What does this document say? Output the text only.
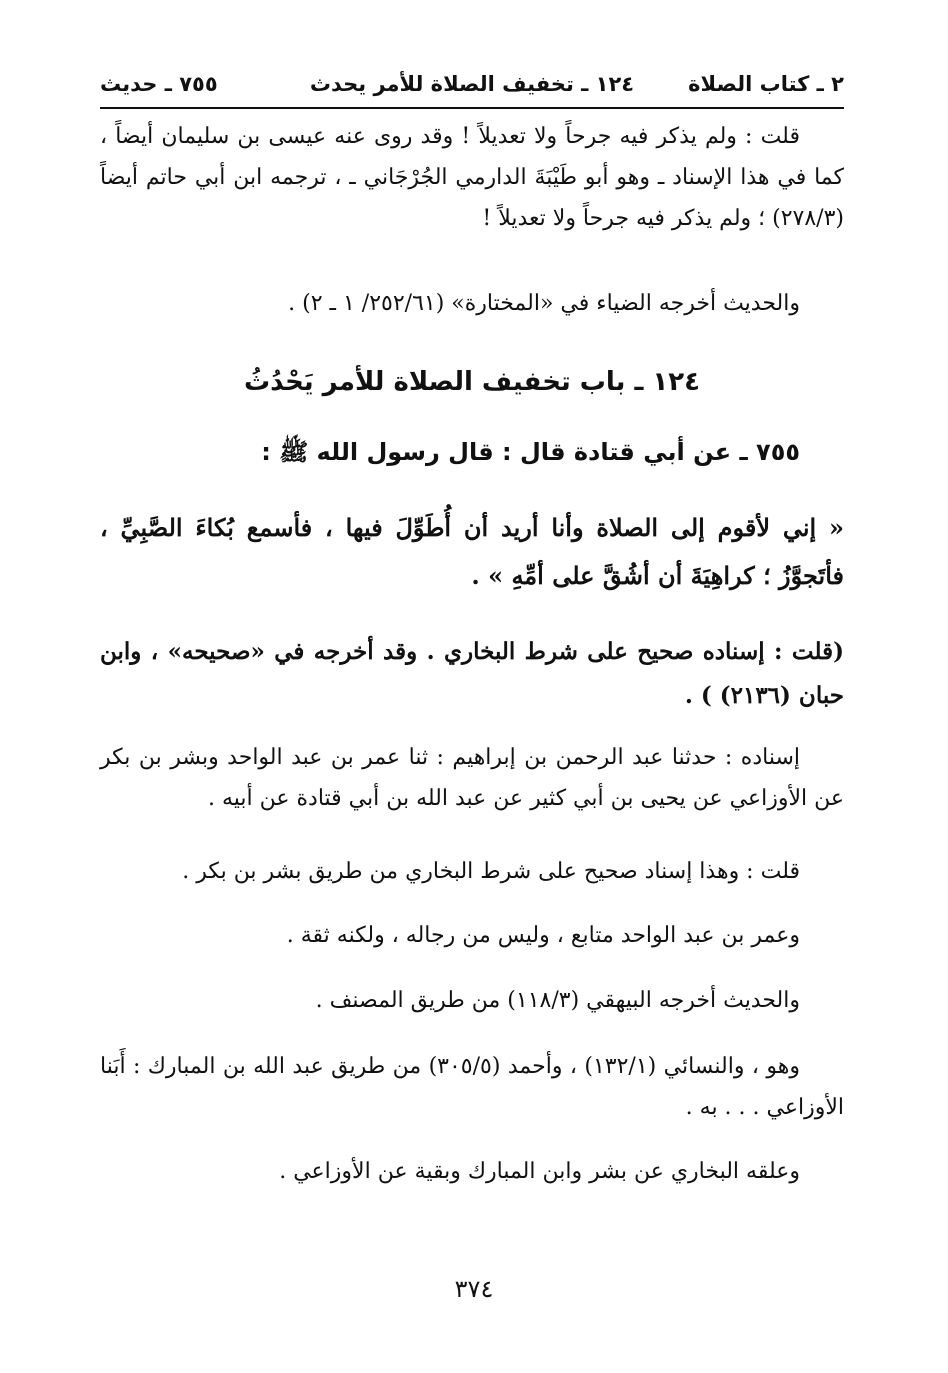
٢ ـ كتاب الصلاة
١٢٤ ـ تخفيف الصلاة للأمر يحدث
٧٥٥ ـ حديث

قلت : ولم يذكر فيه جرحاً ولا تعديلاً ! وقد روى عنه عيسى بن سليمان أيضاً ، كما في هذا الإسناد ـ وهو أبو طَيْبَةَ الدارمي الجُرْجَاني ـ ، ترجمه ابن أبي حاتم أيضاً (٢٧٨/٣) ؛ ولم يذكر فيه جرحاً ولا تعديلاً !

والحديث أخرجه الضياء في «المختارة» (٢٥٢/٦١/ ١ ـ ٢) .

١٢٤ ـ باب تخفيف الصلاة للأمر يَحْدُثُ
٧٥٥ ـ عن أبي قتادة قال : قال رسول الله ﷺ :

« إني لأقوم إلى الصلاة وأنا أريد أن أُطَوِّلَ فيها ، فأسمع بُكاءَ الصَّبِيِّ ، فأتَجوَّزُ ؛ كراهِيَةَ أن أشُقَّ على أمِّهِ » .

(قلت : إسناده صحيح على شرط البخاري . وقد أخرجه في «صحيحه» ، وابن حبان (٢١٣٦) ) .

إسناده : حدثنا عبد الرحمن بن إبراهيم : ثنا عمر بن عبد الواحد وبشر بن بكر عن الأوزاعي عن يحيى بن أبي كثير عن عبد الله بن أبي قتادة عن أبيه .

قلت : وهذا إسناد صحيح على شرط البخاري من طريق بشر بن بكر .

وعمر بن عبد الواحد متابع ، وليس من رجاله ، ولكنه ثقة .

والحديث أخرجه البيهقي (١١٨/٣) من طريق المصنف .

وهو ، والنسائي (١٣٢/١) ، وأحمد (٣٠٥/٥) من طريق عبد الله بن المبارك : أَبَنا الأوزاعي . . . به .

وعلقه البخاري عن بشر وابن المبارك وبقية عن الأوزاعي .

٣٧٤
